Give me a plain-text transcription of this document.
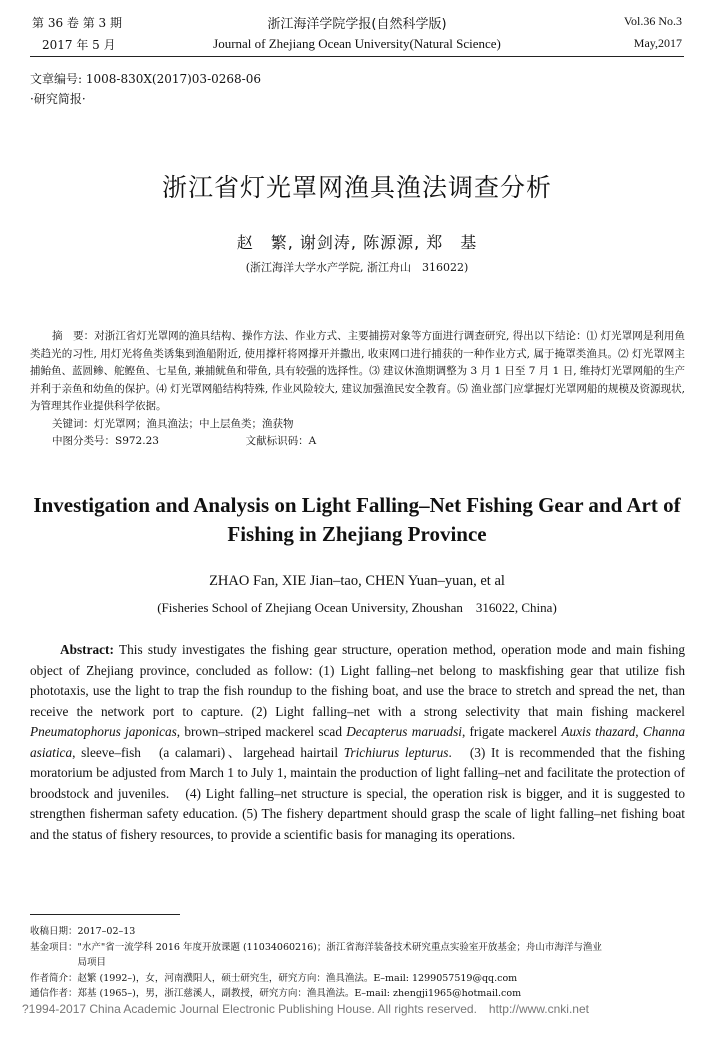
第 36 卷 第 3 期
2017 年 5 月
浙江海洋学院学报(自然科学版)
Journal of Zhejiang Ocean University(Natural Science)
Vol.36 No.3
May,2017
文章编号: 1008-830X(2017)03-0268-06
·研究简报·
浙江省灯光罩网渔具渔法调查分析
赵　繁, 谢剑涛, 陈源源, 郑　基
(浙江海洋大学水产学院, 浙江舟山　316022)

摘　要：对浙江省灯光罩网的渔具结构、操作方法、作业方式、主要捕捞对象等方面进行调查研究, 得出以下结论：⑴ 灯光罩网是利用鱼类趋光的习性, 用灯光将鱼类诱集到渔船附近, 使用撑杆将网撑开并撒出, 收束网口进行捕获的一种作业方式, 属于掩罩类渔具。⑵ 灯光罩网主捕鲐鱼、蓝圆鲹、舵鲣鱼、七星鱼, 兼捕鱿鱼和带鱼, 具有较强的选择性。⑶ 建议休渔期调整为 3 月 1 日至 7 月 1 日, 维持灯光罩网船的生产并利于亲鱼和幼鱼的保护。⑷ 灯光罩网船结构特殊, 作业风险较大, 建议加强渔民安全教育。⑸ 渔业部门应掌握灯光罩网船的规模及资源现状, 为管理其作业提供科学依据。

关键词：灯光罩网；渔具渔法；中上层鱼类；渔获物

中图分类号：S972.23	文献标识码：A

Investigation and Analysis on Light Falling–Net Fishing Gear and Art of Fishing in Zhejiang Province
ZHAO Fan, XIE Jian–tao, CHEN Yuan–yuan, et al
(Fisheries School of Zhejiang Ocean University, Zhoushan　316022, China)
Abstract: This study investigates the fishing gear structure, operation method, operation mode and main fishing object of Zhejiang province, concluded as follow: (1) Light falling–net belong to maskfishing gear that utilize fish phototaxis, use the light to trap the fish roundup to the fishing boat, and use the brace to stretch and spread the net, than receive the network port to capture. (2) Light falling–net with a strong selectivity that main fishing mackerel Pneumatophorus japonicas, brown–striped mackerel scad Decapterus maruadsi, frigate mackerel Auxis thazard, Channa asiatica, sleeve–fish　(a calamari)、largehead hairtail Trichiurus lepturus.　(3) It is recommended that the fishing moratorium be adjusted from March 1 to July 1, maintain the production of light falling–net and facilitate the protection of broodstock and juveniles.　(4) Light falling–net structure is special, the operation risk is bigger, and it is suggested to strengthen fisherman safety education. (5) The fishery department should grasp the scale of light falling–net fishing boat and the status of fishery resources, to provide a scientific basis for managing its operations.
收稿日期：2017–02–13
基金项目："水产"省一流学科 2016 年度开放课题 (11034060216)；浙江省海洋装备技术研究重点实验室开放基金；舟山市海洋与渔业
　　　　　局项目
作者简介：赵繁 (1992–)，女，河南濮阳人，硕士研究生，研究方向：渔具渔法。E–mail: 1299057519@qq.com
通信作者：郑基 (1965–)，男，浙江慈溪人，副教授，研究方向：渔具渔法。E–mail: zhengji1965@hotmail.com
?1994-2017 China Academic Journal Electronic Publishing House. All rights reserved.　http://www.cnki.net
